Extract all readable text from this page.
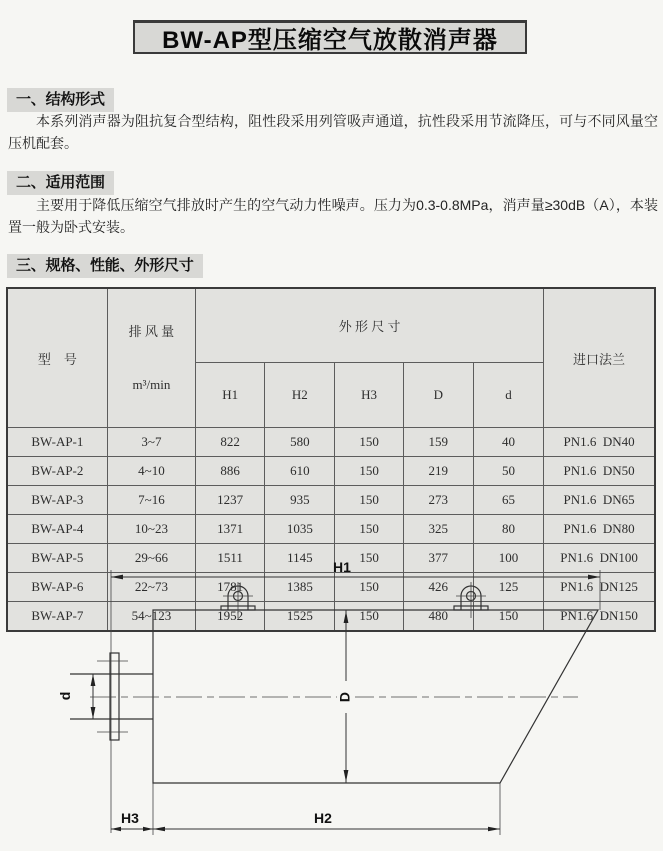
BW-AP型压缩空气放散消声器
一、结构形式

本系列消声器为阻抗复合型结构，阻性段采用列管吸声通道，抗性段采用节流降压，可与不同风量空压机配套。

二、适用范围

主要用于降低压缩空气排放时产生的空气动力性噪声。压力为0.3-0.8MPa，消声量≥30dB（A），本装置一般为卧式安装。

三、规格、性能、外形尺寸
型　号	排 风 量

m³/min	外 形 尺 寸					进口法兰
		H1	H2	H3	D	d	
BW-AP-1	3~7	822	580	150	159	40	PN1.6  DN40
BW-AP-2	4~10	886	610	150	219	50	PN1.6  DN50
BW-AP-3	7~16	1237	935	150	273	65	PN1.6  DN65
BW-AP-4	10~23	1371	1035	150	325	80	PN1.6  DN80
BW-AP-5	29~66	1511	1145	150	377	100	PN1.6  DN100
BW-AP-6	22~73	1781	1385	150	426	125	PN1.6  DN125
BW-AP-7	54~123	1952	1525	150	480	150	PN1.6  DN150
H1
d	D
H3	H2
